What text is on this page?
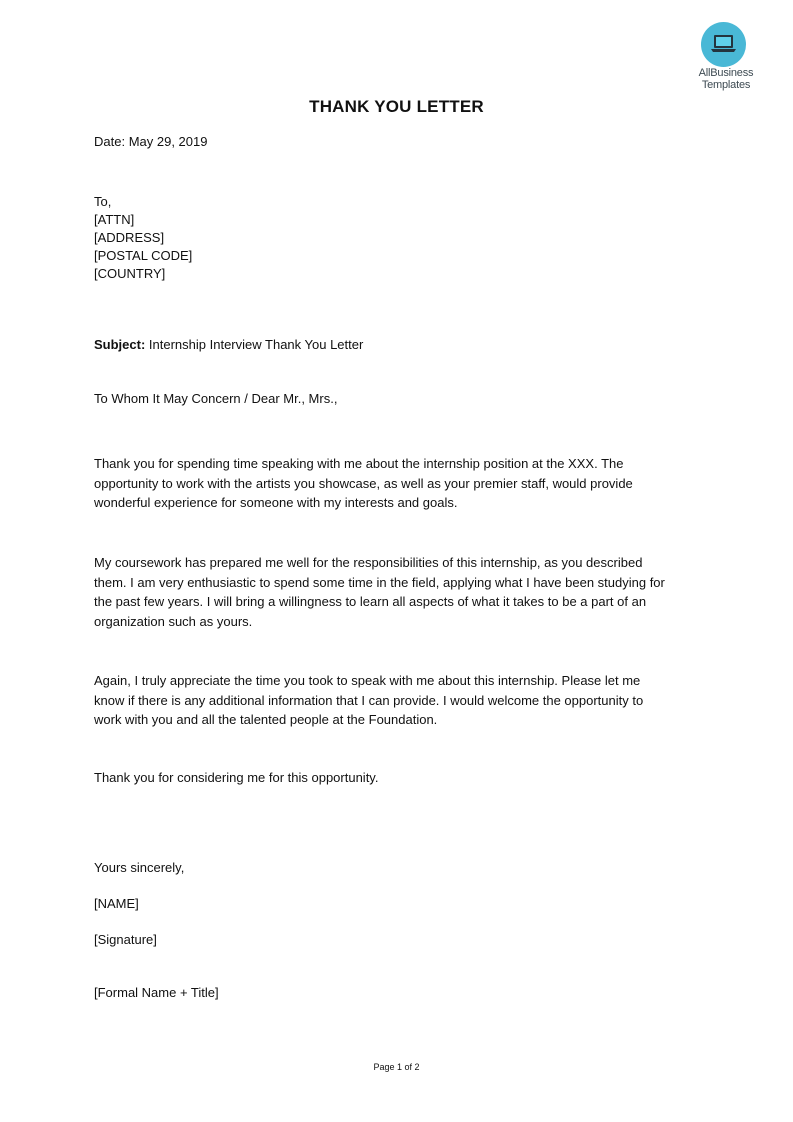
AllBusiness
Templates
THANK YOU LETTER
Date: May 29, 2019
To,
[ATTN]
[ADDRESS]
[POSTAL CODE]
[COUNTRY]
Subject: Internship Interview Thank You Letter
To Whom It May Concern / Dear Mr., Mrs.,
Thank you for spending time speaking with me about the internship position at the XXX. The
opportunity to work with the artists you showcase, as well as your premier staff, would provide
wonderful experience for someone with my interests and goals.
My coursework has prepared me well for the responsibilities of this internship, as you described
them. I am very enthusiastic to spend some time in the field, applying what I have been studying for
the past few years. I will bring a willingness to learn all aspects of what it takes to be a part of an
organization such as yours.
Again, I truly appreciate the time you took to speak with me about this internship. Please let me
know if there is any additional information that I can provide. I would welcome the opportunity to
work with you and all the talented people at the Foundation.
Thank you for considering me for this opportunity.
Yours sincerely,
[NAME]
[Signature]
[Formal Name + Title]
Page 1 of 2
